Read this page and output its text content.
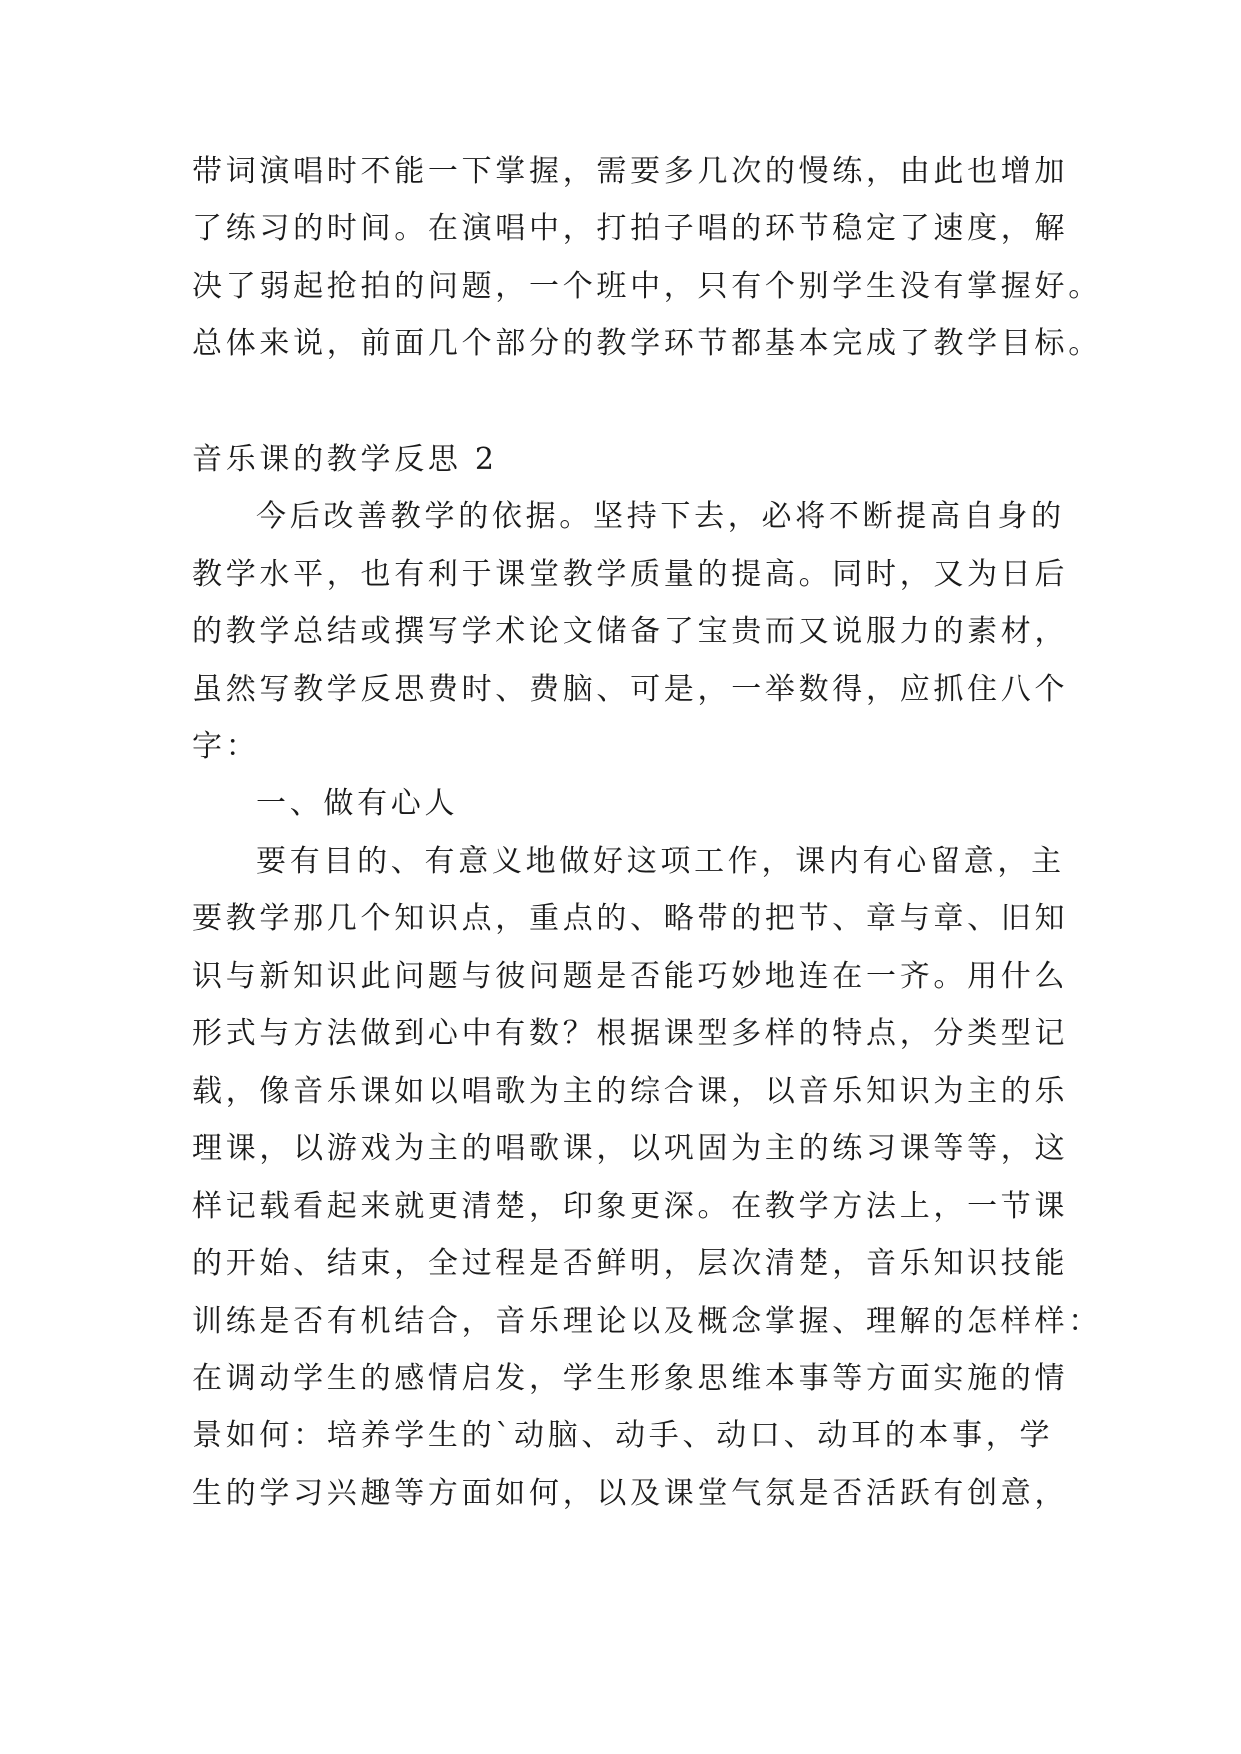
带词演唱时不能一下掌握，需要多几次的慢练，由此也增加
了练习的时间。在演唱中，打拍子唱的环节稳定了速度，解
决了弱起抢拍的问题，一个班中，只有个别学生没有掌握好。
总体来说，前面几个部分的教学环节都基本完成了教学目标。
音乐课的教学反思 2
今后改善教学的依据。坚持下去，必将不断提高自身的
教学水平，也有利于课堂教学质量的提高。同时，又为日后
的教学总结或撰写学术论文储备了宝贵而又说服力的素材，
虽然写教学反思费时、费脑、可是，一举数得，应抓住八个
字：
一、做有心人
要有目的、有意义地做好这项工作，课内有心留意，主
要教学那几个知识点，重点的、略带的把节、章与章、旧知
识与新知识此问题与彼问题是否能巧妙地连在一齐。用什么
形式与方法做到心中有数？根据课型多样的特点，分类型记
载，像音乐课如以唱歌为主的综合课，以音乐知识为主的乐
理课，以游戏为主的唱歌课，以巩固为主的练习课等等，这
样记载看起来就更清楚，印象更深。在教学方法上，一节课
的开始、结束，全过程是否鲜明，层次清楚，音乐知识技能
训练是否有机结合，音乐理论以及概念掌握、理解的怎样样：
在调动学生的感情启发，学生形象思维本事等方面实施的情
景如何：培养学生的`动脑、动手、动口、动耳的本事，学
生的学习兴趣等方面如何，以及课堂气氛是否活跃有创意，
